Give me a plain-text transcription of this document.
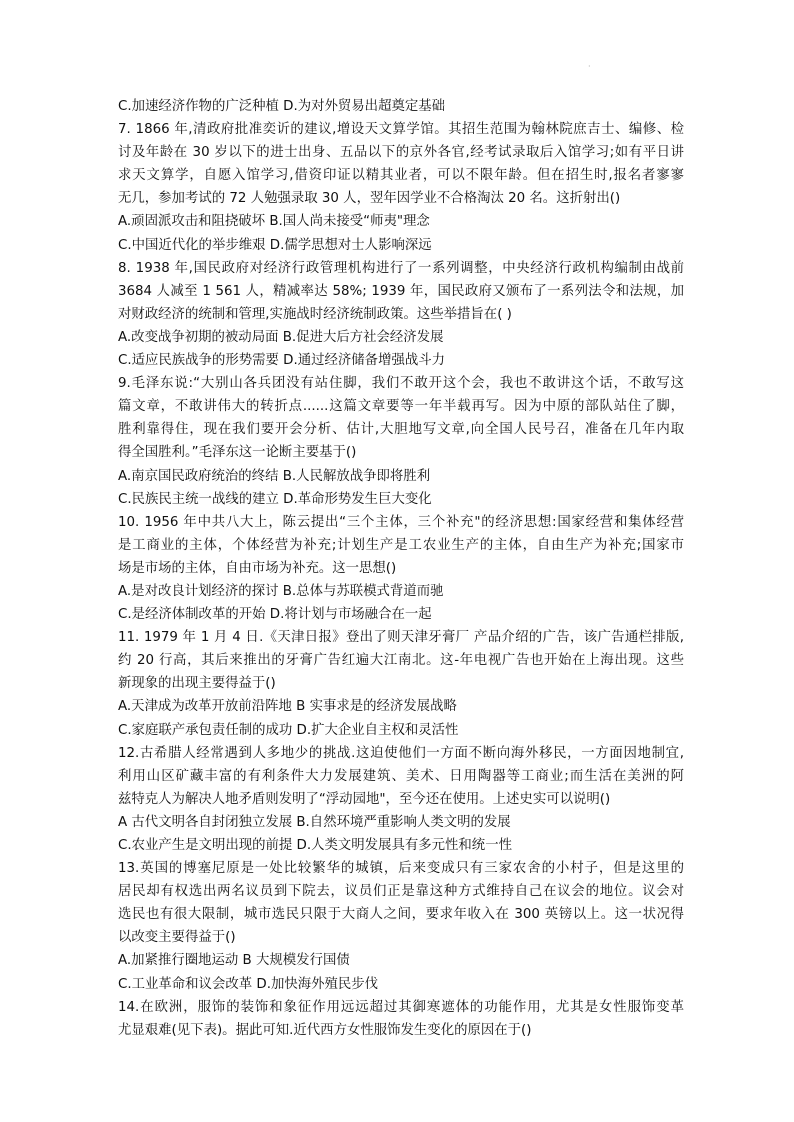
·
C.加速经济作物的广泛种植 D.为对外贸易出超奠定基础
7. 1866 年,清政府批准奕䜣的建议,增设天文算学馆。其招生范围为翰林院庶吉士、编修、检
讨及年龄在 30 岁以下的进士出身、五品以下的京外各官,经考试录取后入馆学习;如有平日讲
求天文算学，自愿入馆学习,借资印证以精其业者，可以不限年龄。但在招生时,报名者寥寥
无几，参加考试的 72 人勉强录取 30 人，翌年因学业不合格淘汰 20 名。这折射出()
A.顽固派攻击和阻挠破坏 B.国人尚未接受“师夷"理念
C.中国近代化的举步维艰 D.儒学思想对士人影响深远
8. 1938 年,国民政府对经济行政管理机构进行了一系列调整，中央经济行政机构编制由战前
3684 人减至 1 561 人，精减率达 58%; 1939 年，国民政府又颁布了一系列法令和法规，加
对财政经济的统制和管理,实施战时经济统制政策。这些举措旨在( )
A.改变战争初期的被动局面 B.促进大后方社会经济发展
C.适应民族战争的形势需要 D.通过经济储备增强战斗力
9.毛泽东说:“大别山各兵团没有站住脚，我们不敢开这个会，我也不敢讲这个话，不敢写这
篇文章，不敢讲伟大的转折点......这篇文章要等一年半载再写。因为中原的部队站住了脚，
胜利靠得住，现在我们要开会分析、估计,大胆地写文章,向全国人民号召，准备在几年内取
得全国胜利。”毛泽东这一论断主要基于()
A.南京国民政府统治的终结 B.人民解放战争即将胜利
C.民族民主统一战线的建立 D.革命形势发生巨大变化
10. 1956 年中共八大上，陈云提出“三个主体，三个补充"的经济思想:国家经营和集体经营
是工商业的主体，个体经营为补充;计划生产是工农业生产的主体，自由生产为补充;国家市
场是市场的主体，自由市场为补充。这一思想()
A.是对改良计划经济的探讨 B.总体与苏联模式背道而驰
C.是经济体制改革的开始 D.将计划与市场融合在一起
11. 1979 年 1 月 4 日.《天津日报》登出了则天津牙膏厂 产品介绍的广告，该广告通栏排版,
约 20 行高，其后来推出的牙膏广告红遍大江南北。这-年电视广告也开始在上海出现。这些
新现象的出现主要得益于()
A.天津成为改革开放前沿阵地 B 实事求是的经济发展战略
C.家庭联产承包责任制的成功 D.扩大企业自主权和灵活性
12.古希腊人经常遇到人多地少的挑战.这迫使他们一方面不断向海外移民，一方面因地制宜,
利用山区矿藏丰富的有利条件大力发展建筑、美术、日用陶器等工商业;而生活在美洲的阿
兹特克人为解决人地矛盾则发明了“浮动园地"，至今还在使用。上述史实可以说明()
A 古代文明各自封闭独立发展 B.自然环境严重影响人类文明的发展
C.农业产生是文明出现的前提 D.人类文明发展具有多元性和统一性
13.英国的博塞尼原是一处比较繁华的城镇，后来变成只有三家农舍的小村子，但是这里的
居民却有权选出两名议员到下院去，议员们正是靠这种方式维持自己在议会的地位。议会对
选民也有很大限制，城市选民只限于大商人之间，要求年收入在 300 英镑以上。这一状况得
以改变主要得益于()
A.加紧推行圈地运动 B 大规模发行国债
C.工业革命和议会改革 D.加快海外殖民步伐
14.在欧洲，服饰的装饰和象征作用远远超过其御寒遮体的功能作用，尤其是女性服饰变革
尤显艰难(见下表)。据此可知.近代西方女性服饰发生变化的原因在于()
